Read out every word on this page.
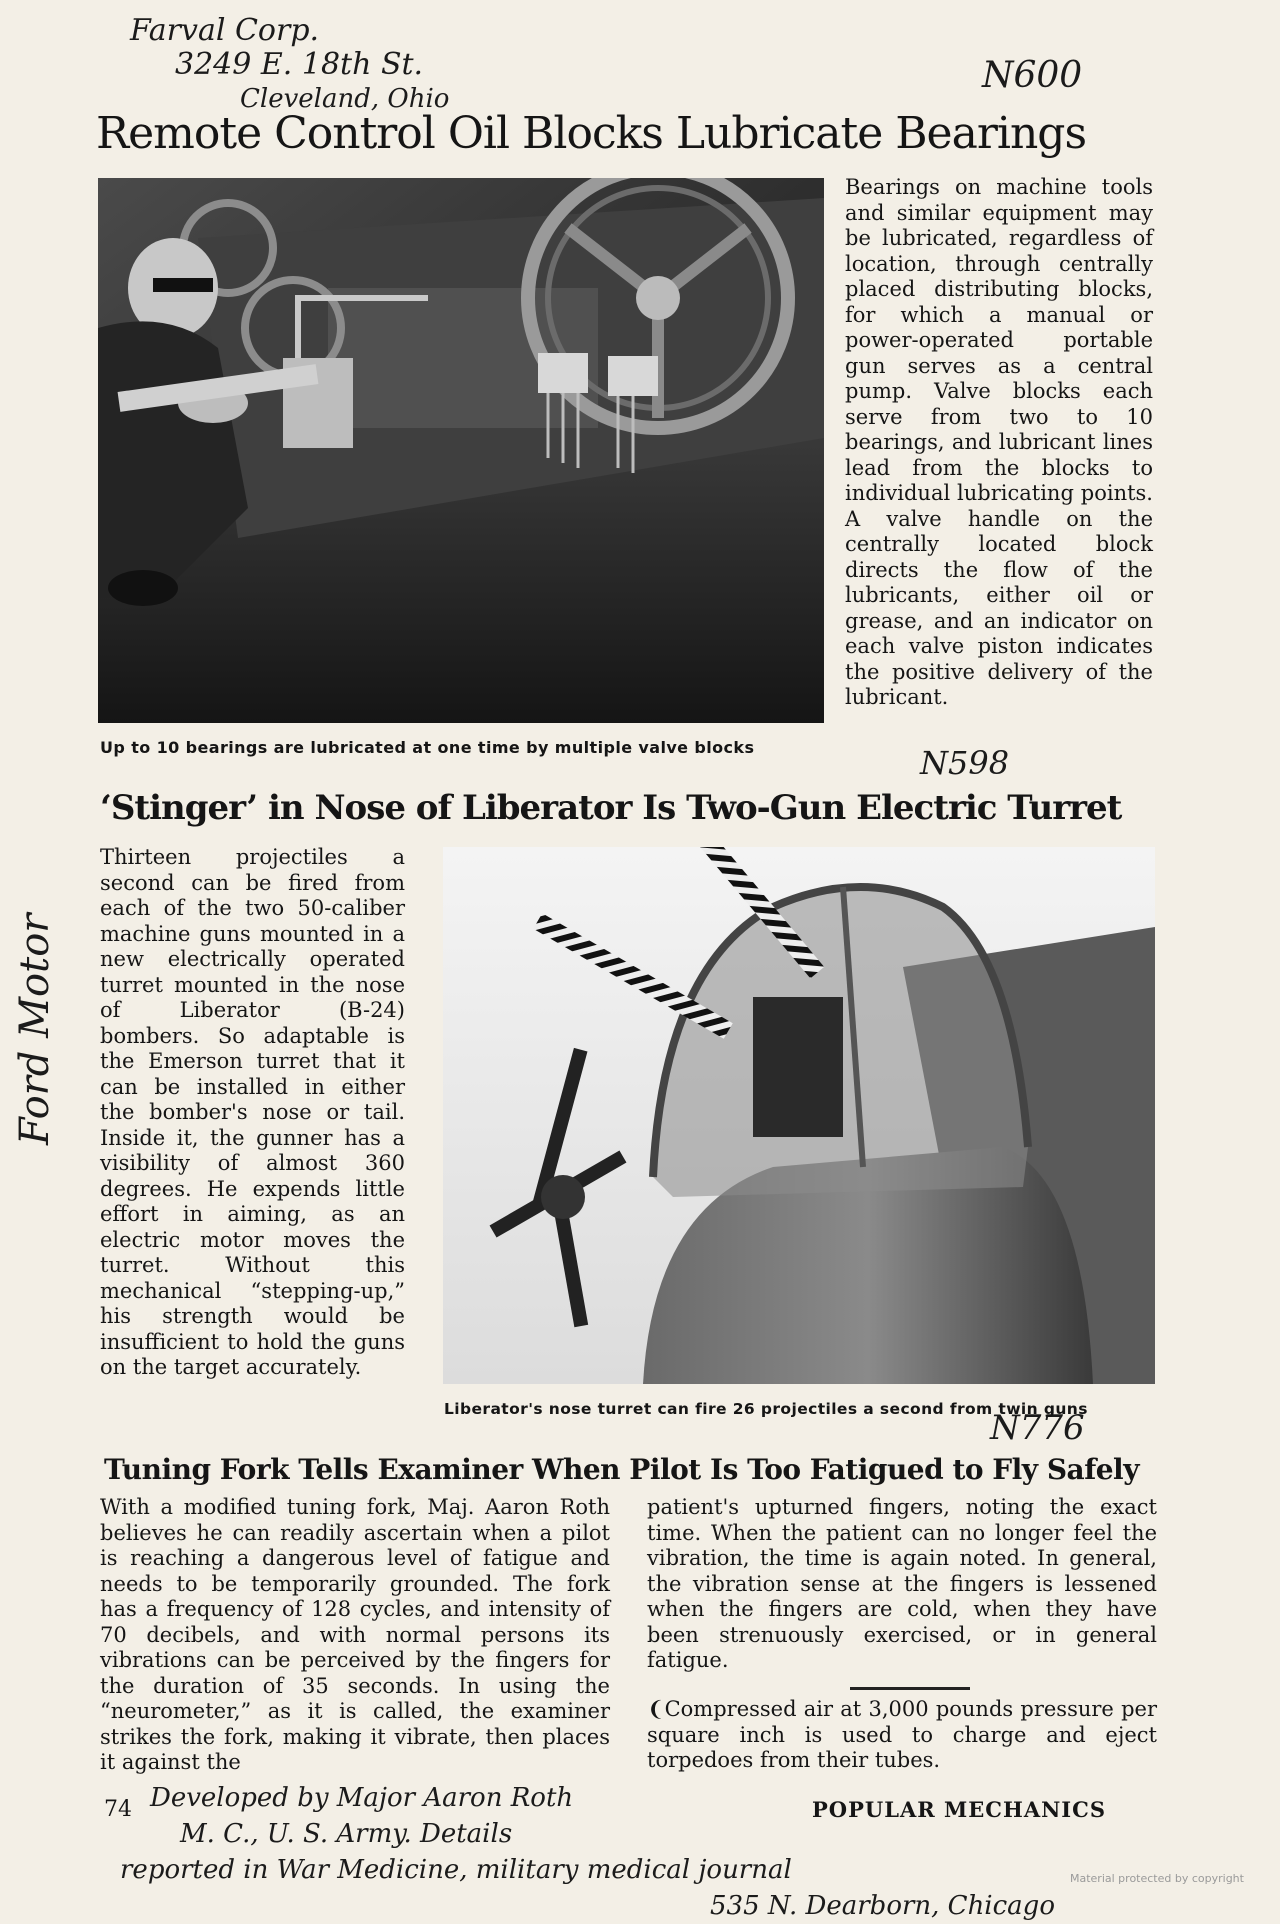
Farval Corp.
3249 E. 18th St.
Cleveland, Ohio
N600
N598
N776
Ford Motor
Remote Control Oil Blocks Lubricate Bearings
Up to 10 bearings are lubricated at one time by multiple valve blocks
Bearings on machine tools and similar equipment may be lubricated, regardless of location, through centrally placed distributing blocks, for which a manual or power-operated portable gun serves as a central pump. Valve blocks each serve from two to 10 bearings, and lubricant lines lead from the blocks to individual lubricating points. A valve handle on the centrally located block directs the flow of the lubricants, either oil or grease, and an indicator on each valve piston indicates the positive delivery of the lubricant.
‘Stinger’ in Nose of Liberator Is Two-Gun Electric Turret
Thirteen projectiles a second can be fired from each of the two 50-caliber machine guns mounted in a new electrically operated turret mounted in the nose of Liberator (B-24) bombers. So adaptable is the Emerson turret that it can be installed in either the bomber's nose or tail. Inside it, the gunner has a visibility of almost 360 degrees. He expends little effort in aiming, as an electric motor moves the turret. Without this mechanical “stepping-up,” his strength would be insufficient to hold the guns on the target accurately.
Liberator's nose turret can fire 26 projectiles a second from twin guns
Tuning Fork Tells Examiner When Pilot Is Too Fatigued to Fly Safely
With a modified tuning fork, Maj. Aaron Roth believes he can readily ascertain when a pilot is reaching a dangerous level of fatigue and needs to be temporarily grounded. The fork has a frequency of 128 cycles, and intensity of 70 decibels, and with normal persons its vibrations can be perceived by the fingers for the duration of 35 seconds. In using the “neurometer,” as it is called, the examiner strikes the fork, making it vibrate, then places it against the
patient's upturned fingers, noting the exact time. When the patient can no longer feel the vibration, the time is again noted. In general, the vibration sense at the fingers is lessened when the fingers are cold, when they have been strenuously exercised, or in general fatigue.
❨Compressed air at 3,000 pounds pressure per square inch is used to charge and eject torpedoes from their tubes.
74	POPULAR MECHANICS
Developed by Major Aaron Roth
M. C., U. S. Army. Details
reported in War Medicine, military medical journal
535 N. Dearborn, Chicago
Material protected by copyright
